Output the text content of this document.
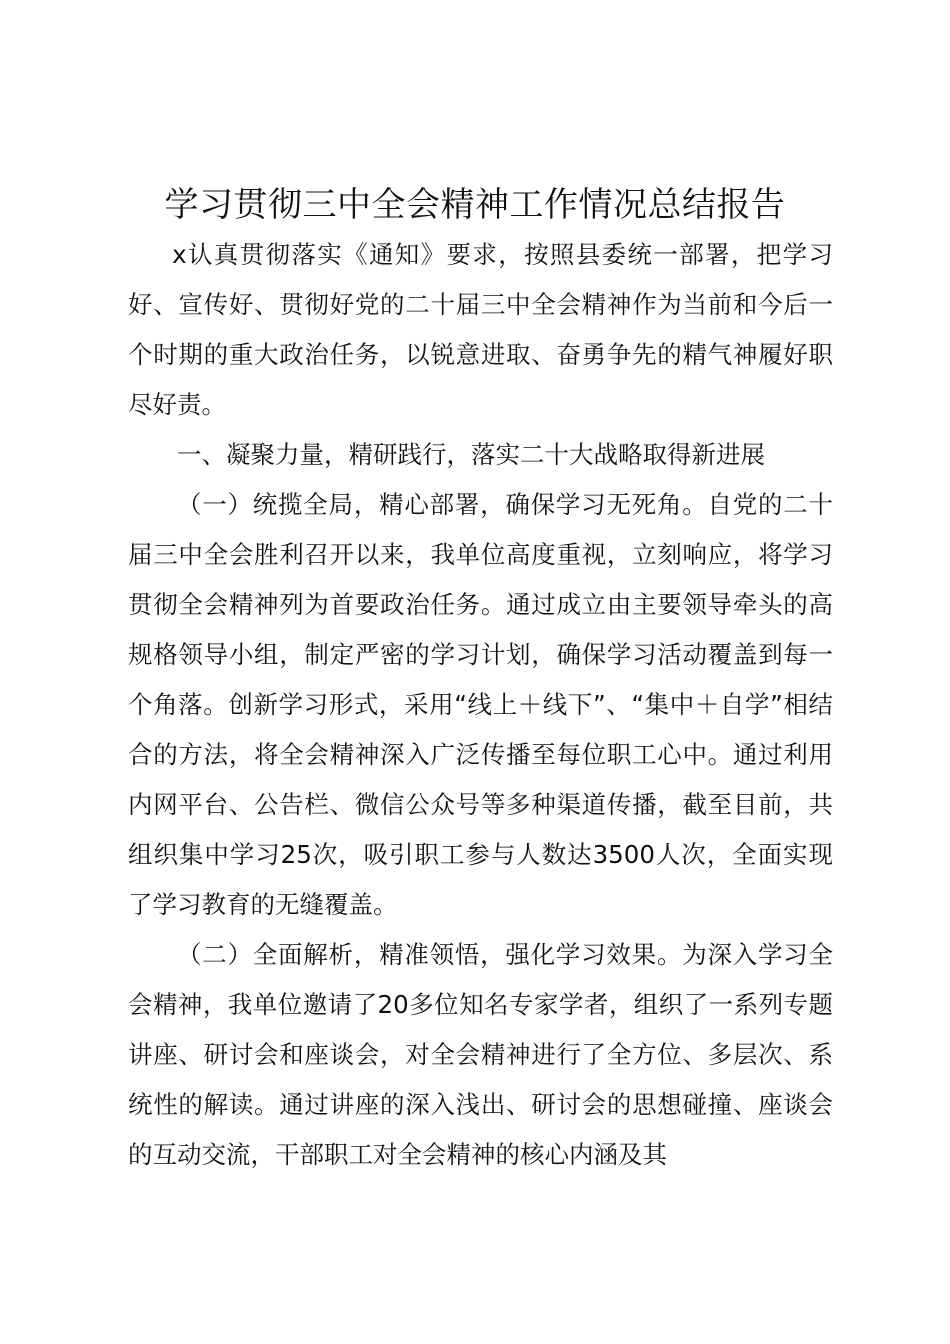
学习贯彻三中全会精神工作情况总结报告

x认真贯彻落实《通知》要求，按照县委统一部署，把学习好、宣传好、贯彻好党的二十届三中全会精神作为当前和今后一个时期的重大政治任务，以锐意进取、奋勇争先的精气神履好职尽好责。

一、凝聚力量，精研践行，落实二十大战略取得新进展

（一）统揽全局，精心部署，确保学习无死角。自党的二十届三中全会胜利召开以来，我单位高度重视，立刻响应，将学习贯彻全会精神列为首要政治任务。通过成立由主要领导牵头的高规格领导小组，制定严密的学习计划，确保学习活动覆盖到每一个角落。创新学习形式，采用“线上＋线下”、“集中＋自学”相结合的方法，将全会精神深入广泛传播至每位职工心中。通过利用内网平台、公告栏、微信公众号等多种渠道传播，截至目前，共组织集中学习25次，吸引职工参与人数达3500人次，全面实现了学习教育的无缝覆盖。

（二）全面解析，精准领悟，强化学习效果。为深入学习全会精神，我单位邀请了20多位知名专家学者，组织了一系列专题讲座、研讨会和座谈会，对全会精神进行了全方位、多层次、系统性的解读。通过讲座的深入浅出、研讨会的思想碰撞、座谈会的互动交流，干部职工对全会精神的核心内涵及其
